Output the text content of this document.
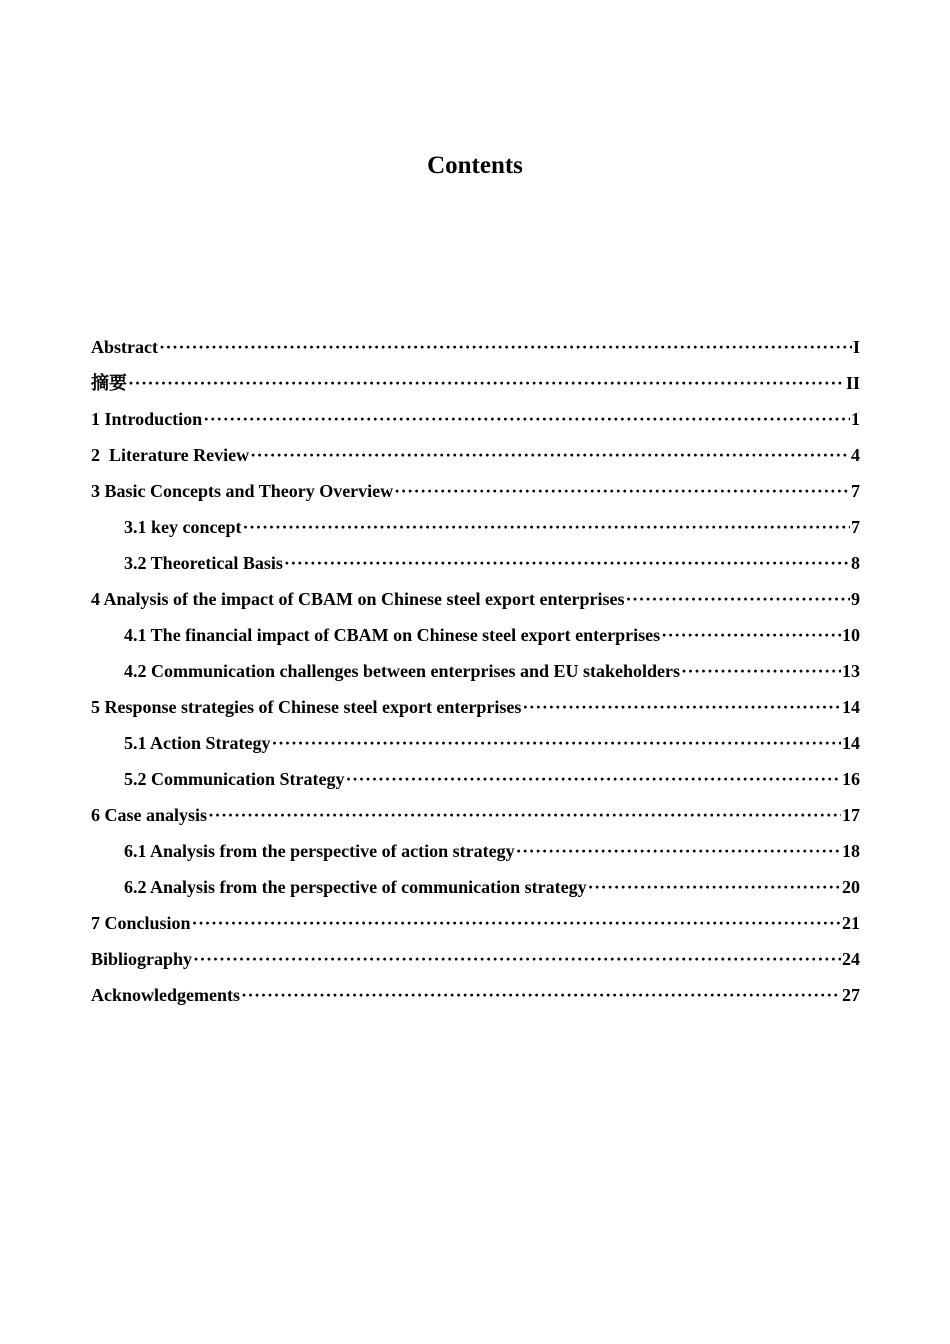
Contents
Abstract ·····	I
摘要 ·····	II
1 Introduction ·····	1
2  Literature Review ·····	4
3 Basic Concepts and Theory Overview ·····	7
3.1 key concept ·····	7
3.2 Theoretical Basis ·····	8
4 Analysis of the impact of CBAM on Chinese steel export enterprises ·····	9
4.1 The financial impact of CBAM on Chinese steel export enterprises ·····	10
4.2 Communication challenges between enterprises and EU stakeholders ·····	13
5 Response strategies of Chinese steel export enterprises ·····	14
5.1 Action Strategy ·····	14
5.2 Communication Strategy ·····	16
6 Case analysis ·····	17
6.1 Analysis from the perspective of action strategy ·····	18
6.2 Analysis from the perspective of communication strategy ·····	20
7 Conclusion ·····	21
Bibliography ·····	24
Acknowledgements ·····	27
